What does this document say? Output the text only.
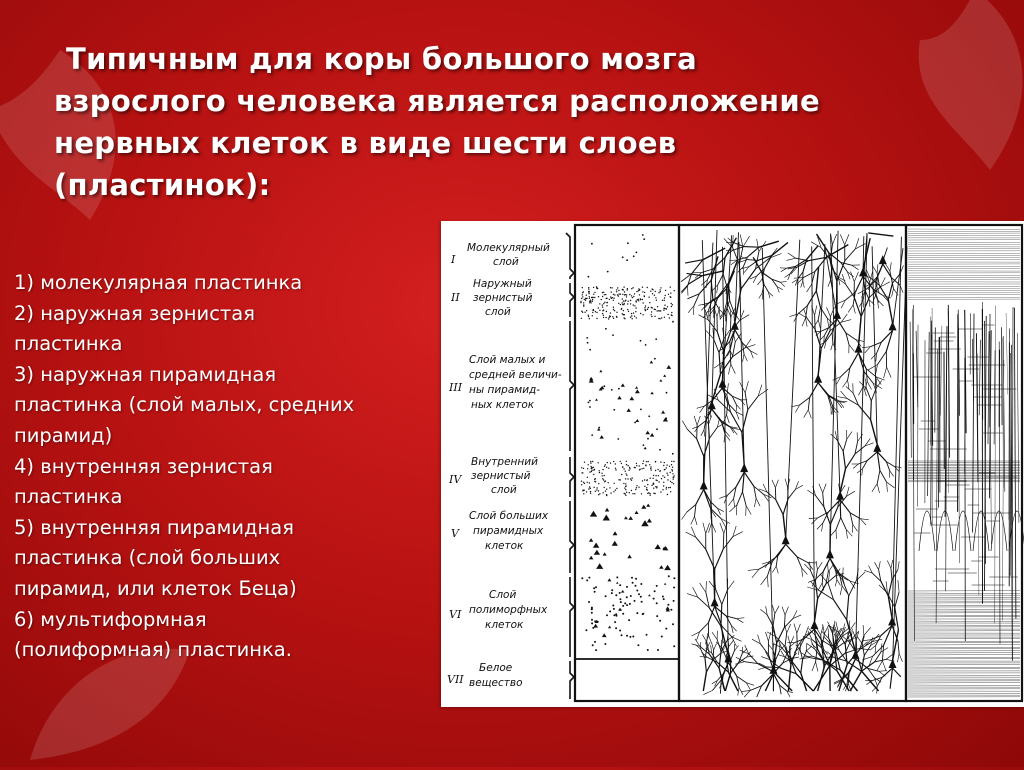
Типичным для коры большого мозга
взрослого человека является расположение
нервных клеток в виде шести слоев
(пластинок):
1) молекулярная пластинка
2) наружная зернистая
пластинка
3) наружная пирамидная
пластинка (слой малых, средних
пирамид)
4) внутренняя зернистая
пластинка
5) внутренняя пирамидная
пластинка (слой больших
пирамид, или клеток Беца)
6) мультиформная
(полиформная) пластинка.
I
II
III
IV
V
VI
VII
Молекулярный
слой
Наружный
зернистый
слой
Слой малых и
средней величи-
ны пирамид-
ных клеток
Внутренний
зернистый
слой
Слой больших
пирамидных
клеток
Слой
полиморфных
клеток
Белое
вещество
